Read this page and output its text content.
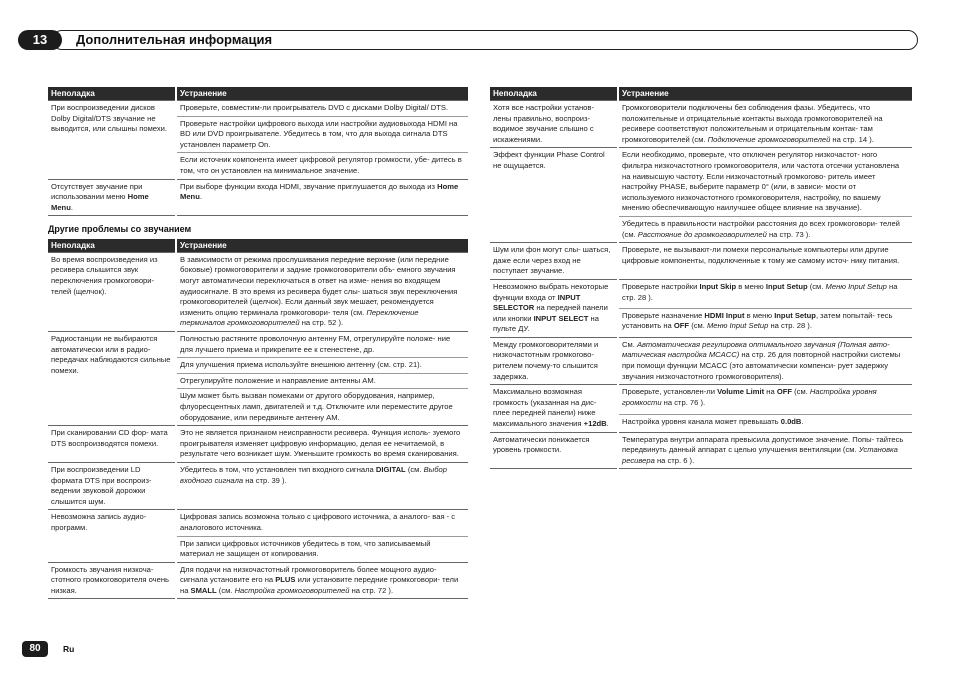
13	Дополнительная информация
Неполадка	Устранение
При воспроизведении дисков Dolby Digital/DTS звучание не выводится, или слышны помехи.	Проверьте, совместим-ли проигрыватель DVD с дисками Dolby Digital/ DTS.
	Проверьте настройки цифрового выхода или настройки аудиовыхода HDMI на BD или DVD проигрывателе. Убедитесь в том, что для выхода сигнала DTS установлен параметр On.
	Если источник компонента имеет цифровой регулятор громкости, убе- дитесь в том, что он установлен на минимальное значение.
Отсутствует звучание при использовании меню Home Menu.	При выборе функции входа HDMI, звучание приглушается до выхода из Home Menu.

Другие проблемы со звучанием
Неполадка	Устранение
Во время воспроизведения из ресивера слышится звук переключения громкоговори- телей (щелчок).	В зависимости от режима прослушивания передние верхние (или передние боковые) громкоговорители и задние громкоговорители объ- емного звучания могут автоматически переключаться в ответ на изме- нения во входящем аудиосигнале. В это время из ресивера будет слы- шаться звук переключения громкоговорителей (щелчок). Если данный звук мешает, рекомендуется изменить опцию терминала громкоговори- теля (см. Переключение терминалов громкоговорителей на стр. 52 ).
Радиостанции не выбираются автоматически или в радио- передачах наблюдаются сильные помехи.	Полностью растяните проволочную антенну FM, отрегулируйте положе- ние для лучшего приема и прикрепите ее к стенестене, др.
	Для улучшения приема используйте внешнюю антенну (см. стр. 21).
	Отрегулируйте положение и направление антенны AM.
	Шум может быть вызван помехами от другого оборудования, например, флуоресцентных ламп, двигателей и т.д. Отключите или переместите другое оборудование, или передвиньте антенну AM.
При сканировании CD фор- мата DTS воспроизводятся помехи.	Это не является признаком неисправности ресивера. Функция исполь- зуемого проигрывателя изменяет цифровую информацию, делая ее нечитаемой, в результате чего возникает шум. Уменьшите громкость во время сканирования.
При воспроизведении LD формата DTS при воспроиз- ведении звуковой дорожки слышится шум.	Убедитесь в том, что установлен тип входного сигнала DIGITAL (см. Выбор входного сигнала на стр. 39 ).
Невозможна запись аудио- программ.	Цифровая запись возможна только с цифрового источника, а аналого- вая - с аналогового источника.
	При записи цифровых источников убедитесь в том, что записываемый материал не защищен от копирования.
Громкость звучания низкоча- стотного громкоговорителя очень низкая.	Для подачи на низкочастотный громкоговоритель более мощного аудио- сигнала установите его на PLUS или установите передние громкоговори- тели на SMALL (см. Настройка громкоговорителей на стр. 72 ).

Неполадка	Устранение
Хотя все настройки установ- лены правильно, воспроиз- водимое звучание слышно с искажениями.	Громкоговорители подключены без соблюдения фазы. Убедитесь, что положительные и отрицательные контакты выхода громкоговорителей на ресивере соответствуют положительным и отрицательным контак- там громкоговорителей (см. Подключение громкоговорителей на стр. 14 ).
Эффект функции Phase Control не ощущается.	Если необходимо, проверьте, что отключен регулятор низкочастот- ного фильтра низкочастотного громкоговорителя, или частота отсечки установлена на наивысшую частоту. Если низкочастотный громкогово- ритель имеет настройку PHASE, выберите параметр 0° (или, в зависи- мости от используемого низкочастотного громкоговорителя, настройку, по вашему мнению обеспечивающую наилучшее общее влияние на звучание).
	Убедитесь в правильности настройки расстояния до всех громкоговори- телей (см. Расстояние до громкоговорителей на стр. 73 ).
Шум или фон могут слы- шаться, даже если через вход не поступает звучание.	Проверьте, не вызывают-ли помехи персональные компьютеры или другие цифровые компоненты, подключенные к тому же самому источ- нику питания.
Невозможно выбрать некоторые функции входа от INPUT SELECTOR на передней панели или кнопки INPUT SELECT на пульте ДУ.	Проверьте настройки Input Skip в меню Input Setup (см. Меню Input Setup на стр. 28 ).
	Проверьте назначение HDMI Input в меню Input Setup, затем попытай- тесь установить на OFF (см. Меню Input Setup на стр. 28 ).
Между громкоговорителями и низкочастотным громкогово- рителем почему-то слышится задержка.	См. Автоматическая регулировка оптимального звучания (Полная авто- матическая настройка MCACC) на стр. 26 для повторной настройки системы при помощи функции MCACC (это автоматически компенси- рует задержку звучания низкочастотного громкоговорителя).
Максимально возможная громкость (указанная на дис- плее передней панели) ниже максимального значения +12dB.	Проверьте, установлен-ли Volume Limit на OFF (см. Настройка уровня громкости на стр. 76 ).
	Настройка уровня канала может превышать 0.0dB.
Автоматически понижается уровень громкости.	Температура внутри аппарата превысила допустимое значение. Попы- тайтесь передвинуть данный аппарат с целью улучшения вентиляции (см. Установка ресивера на стр. 6 ).

80	Ru
